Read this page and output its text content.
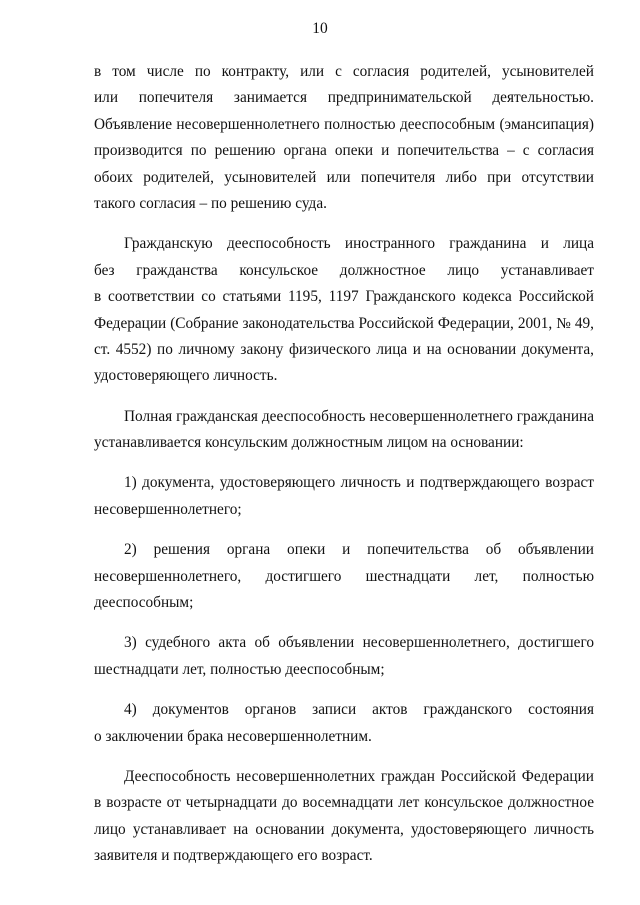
10
в том числе по контракту, или с согласия родителей, усыновителей
или попечителя занимается предпринимательской деятельностью.
Объявление несовершеннолетнего полностью дееспособным (эмансипация)
производится по решению органа опеки и попечительства – с согласия
обоих родителей, усыновителей или попечителя либо при отсутствии
такого согласия – по решению суда.
Гражданскую дееспособность иностранного гражданина и лица
без гражданства консульское должностное лицо устанавливает
в соответствии со статьями 1195, 1197 Гражданского кодекса Российской
Федерации (Собрание законодательства Российской Федерации, 2001, № 49,
ст. 4552) по личному закону физического лица и на основании документа,
удостоверяющего личность.
Полная гражданская дееспособность несовершеннолетнего гражданина
устанавливается консульским должностным лицом на основании:
1) документа, удостоверяющего личность и подтверждающего возраст
несовершеннолетнего;
2) решения органа опеки и попечительства об объявлении
несовершеннолетнего, достигшего шестнадцати лет, полностью
дееспособным;
3) судебного акта об объявлении несовершеннолетнего, достигшего
шестнадцати лет, полностью дееспособным;
4) документов органов записи актов гражданского состояния
о заключении брака несовершеннолетним.
Дееспособность несовершеннолетних граждан Российской Федерации
в возрасте от четырнадцати до восемнадцати лет консульское должностное
лицо устанавливает на основании документа, удостоверяющего личность
заявителя и подтверждающего его возраст.
